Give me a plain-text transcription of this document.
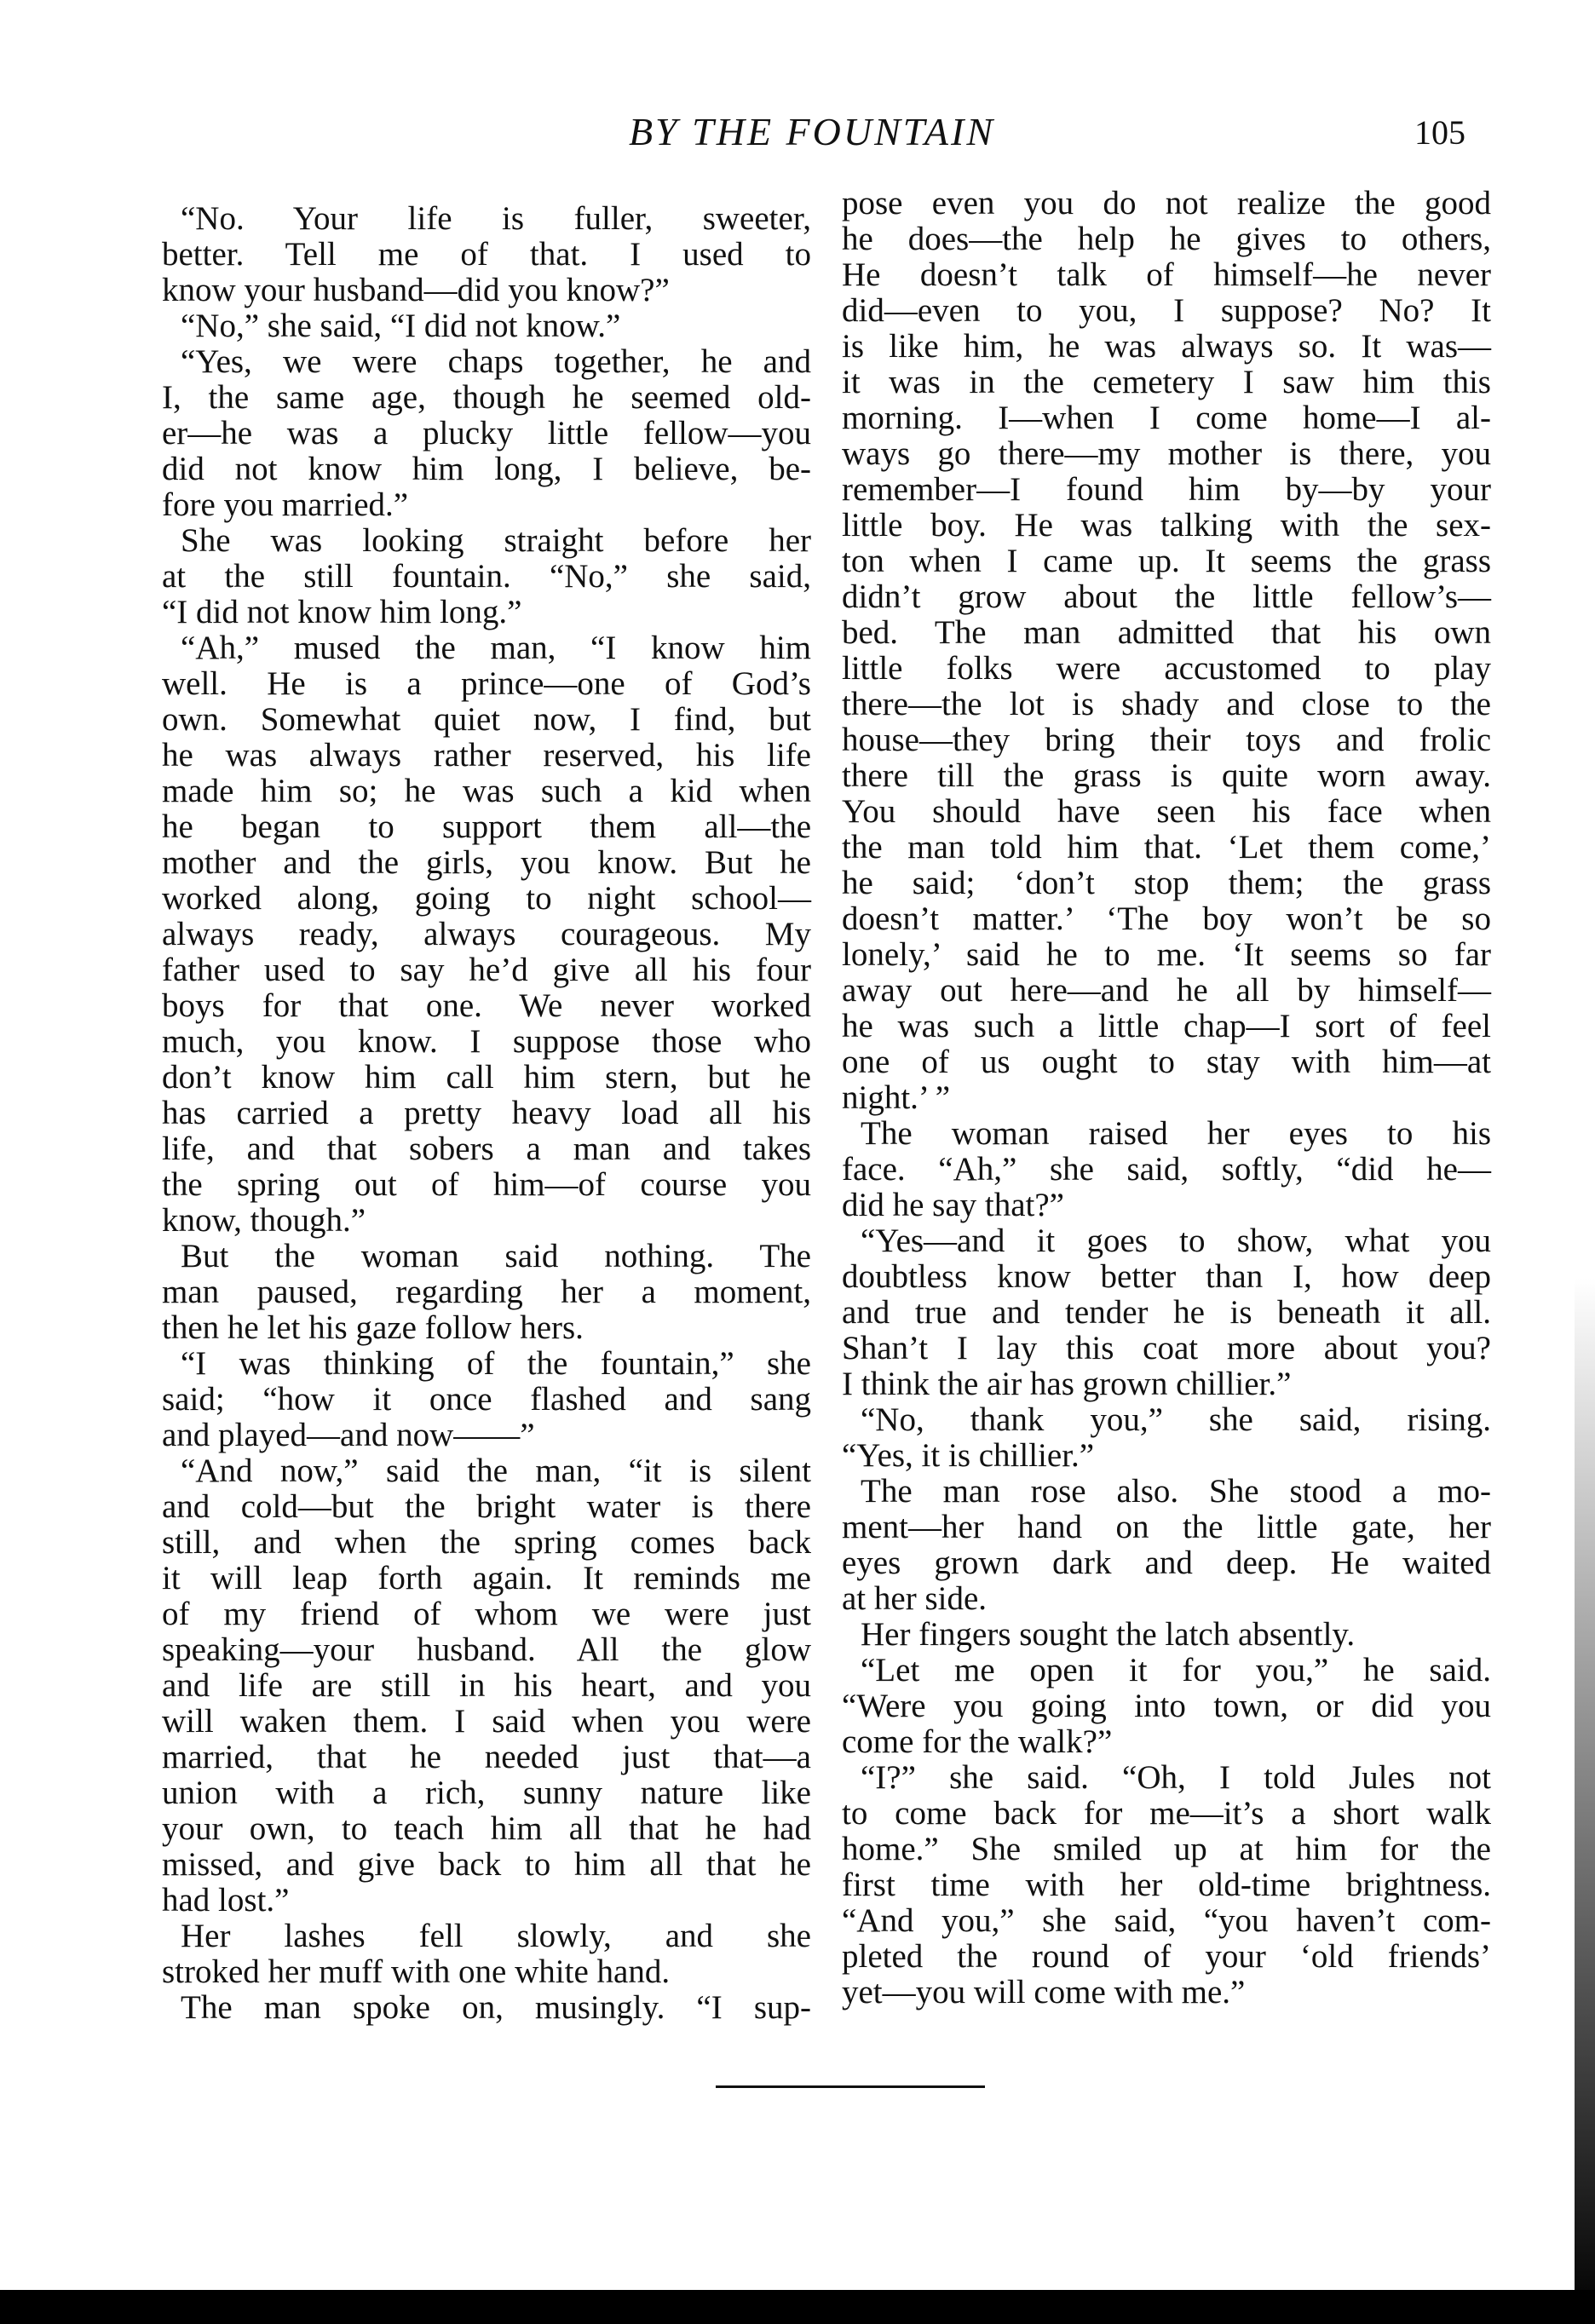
BY THE FOUNTAIN	105
“No. Your life is fuller, sweeter,
better. Tell me of that. I used to
know your husband—did you know?”
“No,” she said, “I did not know.”
“Yes, we were chaps together, he and
I, the same age, though he seemed old-
er—he was a plucky little fellow—you
did not know him long, I believe, be-
fore you married.”
She was looking straight before her
at the still fountain. “No,” she said,
“I did not know him long.”
“Ah,” mused the man, “I know him
well. He is a prince—one of God’s
own. Somewhat quiet now, I find, but
he was always rather reserved, his life
made him so; he was such a kid when
he began to support them all—the
mother and the girls, you know. But he
worked along, going to night school—
always ready, always courageous. My
father used to say he’d give all his four
boys for that one. We never worked
much, you know. I suppose those who
don’t know him call him stern, but he
has carried a pretty heavy load all his
life, and that sobers a man and takes
the spring out of him—of course you
know, though.”
But the woman said nothing. The
man paused, regarding her a moment,
then he let his gaze follow hers.
“I was thinking of the fountain,” she
said; “how it once flashed and sang
and played—and now——”
“And now,” said the man, “it is silent
and cold—but the bright water is there
still, and when the spring comes back
it will leap forth again. It reminds me
of my friend of whom we were just
speaking—your husband. All the glow
and life are still in his heart, and you
will waken them. I said when you were
married, that he needed just that—a
union with a rich, sunny nature like
your own, to teach him all that he had
missed, and give back to him all that he
had lost.”
Her lashes fell slowly, and she
stroked her muff with one white hand.
The man spoke on, musingly. “I sup-
pose even you do not realize the good
he does—the help he gives to others,
He doesn’t talk of himself—he never
did—even to you, I suppose? No? It
is like him, he was always so. It was—
it was in the cemetery I saw him this
morning. I—when I come home—I al-
ways go there—my mother is there, you
remember—I found him by—by your
little boy. He was talking with the sex-
ton when I came up. It seems the grass
didn’t grow about the little fellow’s—
bed. The man admitted that his own
little folks were accustomed to play
there—the lot is shady and close to the
house—they bring their toys and frolic
there till the grass is quite worn away.
You should have seen his face when
the man told him that. ‘Let them come,’
he said; ‘don’t stop them; the grass
doesn’t matter.’ ‘The boy won’t be so
lonely,’ said he to me. ‘It seems so far
away out here—and he all by himself—
he was such a little chap—I sort of feel
one of us ought to stay with him—at
night.’ ”
The woman raised her eyes to his
face. “Ah,” she said, softly, “did he—
did he say that?”
“Yes—and it goes to show, what you
doubtless know better than I, how deep
and true and tender he is beneath it all.
Shan’t I lay this coat more about you?
I think the air has grown chillier.”
“No, thank you,” she said, rising.
“Yes, it is chillier.”
The man rose also. She stood a mo-
ment—her hand on the little gate, her
eyes grown dark and deep. He waited
at her side.
Her fingers sought the latch absently.
“Let me open it for you,” he said.
“Were you going into town, or did you
come for the walk?”
“I?” she said. “Oh, I told Jules not
to come back for me—it’s a short walk
home.” She smiled up at him for the
first time with her old-time brightness.
“And you,” she said, “you haven’t com-
pleted the round of your ‘old friends’
yet—you will come with me.”
